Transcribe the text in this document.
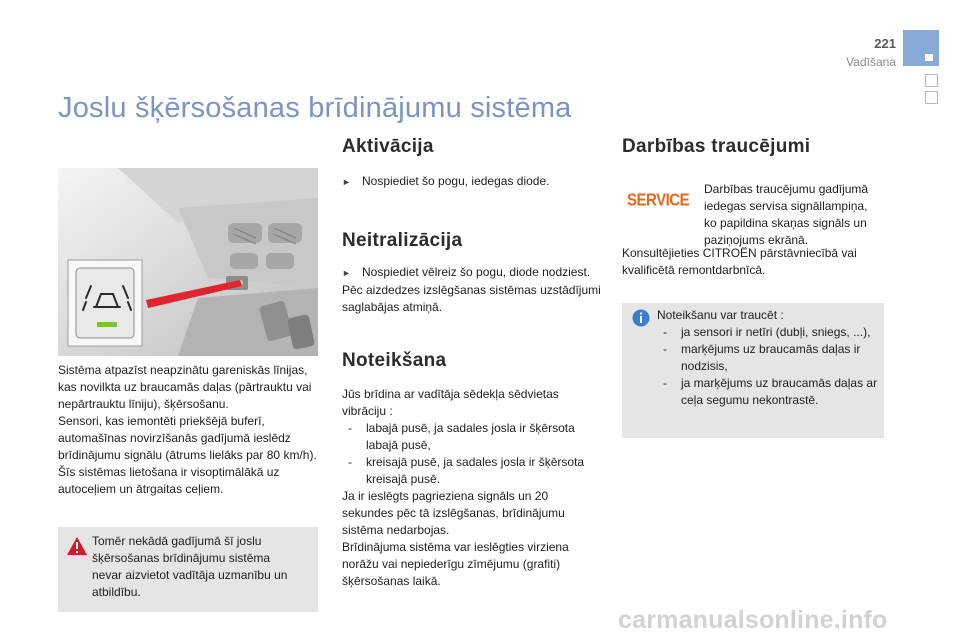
221
Vadīšana
Joslu šķērsošanas brīdinājumu sistēma
Sistēma atpazīst neapzinātu gareniskās līnijas, kas novilkta uz braucamās daļas (pārtrauktu vai nepārtrauktu līniju), šķērsošanu.
Sensori, kas iemontēti priekšējā buferī, automašīnas novirzīšanās gadījumā ieslēdz brīdinājumu signālu (ātrums lielāks par 80 km/h).
Šīs sistēmas lietošana ir visoptimālākā uz autoceļiem un ātrgaitas ceļiem.
Tomēr nekādā gadījumā šī joslu šķērsošanas brīdinājumu sistēma nevar aizvietot vadītāja uzmanību un atbildību.
Aktivācija
► Nospiediet šo pogu, iedegas diode.
Neitralizācija
► Nospiediet vēlreiz šo pogu, diode nodziest.
Pēc aizdedzes izslēgšanas sistēmas uzstādījumi saglabājas atmiņā.
Noteikšana
Jūs brīdina ar vadītāja sēdekļa sēdvietas vibrāciju :
- labajā pusē, ja sadales josla ir šķērsota labajā pusē,
- kreisajā pusē, ja sadales josla ir šķērsota kreisajā pusē.
Ja ir ieslēgts pagrieziena signāls un 20 sekundes pēc tā izslēgšanas, brīdinājumu sistēma nedarbojas.
Brīdinājuma sistēma var ieslēgties virziena norāžu vai nepiederīgu zīmējumu (grafiti) šķērsošanas laikā.
Darbības traucējumi
SERVICE
Darbības traucējumu gadījumā iedegas servisa signāllampiņa, ko papildina skaņas signāls un paziņojums ekrānā.
Konsultējieties CITROËN pārstāvniecībā vai kvalificētā remontdarbnīcā.
Noteikšanu var traucēt :
- ja sensori ir netīri (dubļi, sniegs, ...),
- marķējums uz braucamās daļas ir nodzisis,
- ja marķējums uz braucamās daļas ar ceļa segumu nekontrastē.
carmanualsonline.info
